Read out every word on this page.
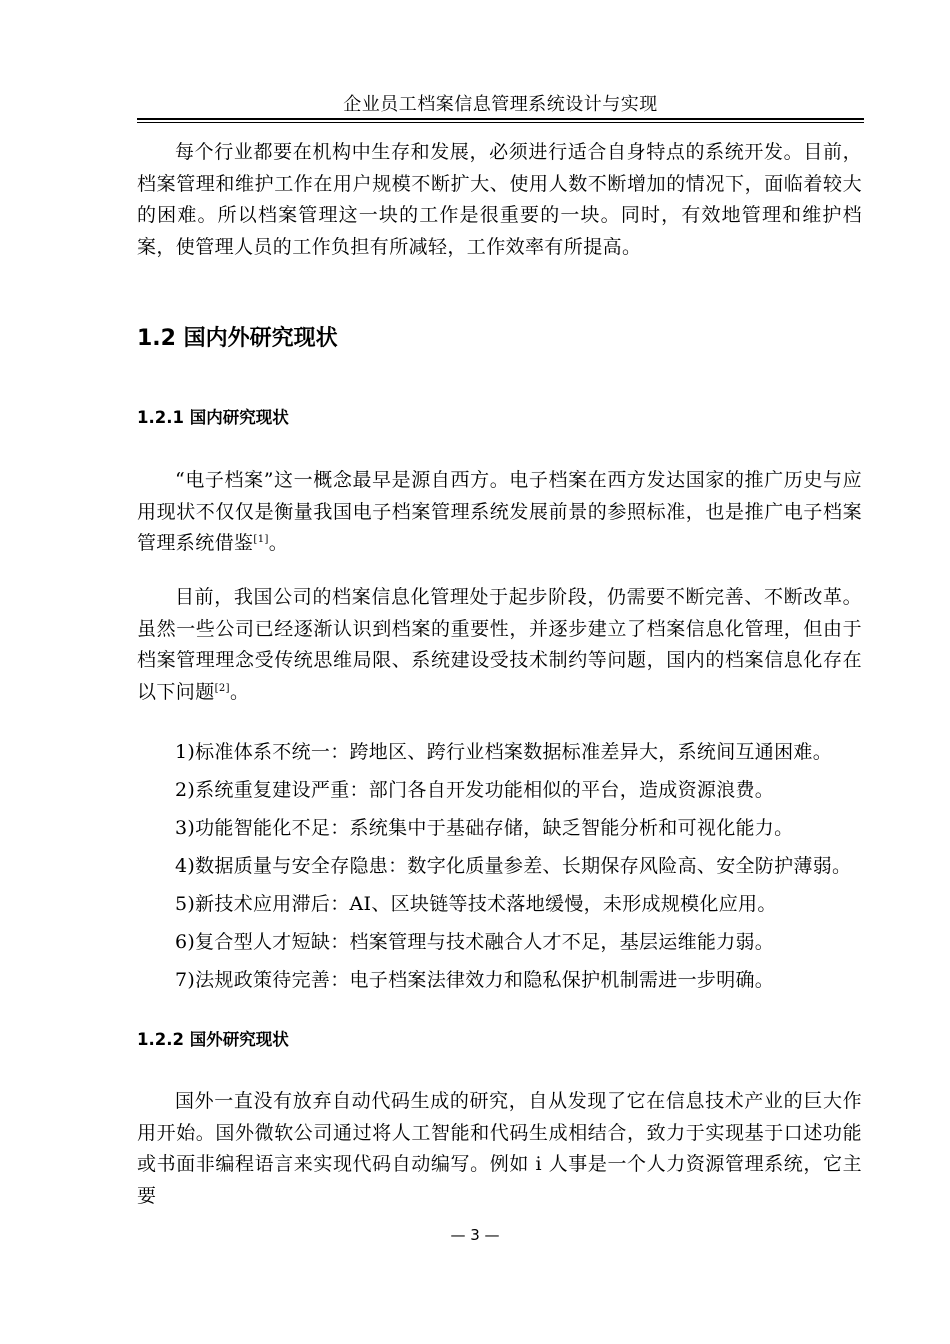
企业员工档案信息管理系统设计与实现

每个行业都要在机构中生存和发展，必须进行适合自身特点的系统开发。目前，档案管理和维护工作在用户规模不断扩大、使用人数不断增加的情况下，面临着较大的困难。所以档案管理这一块的工作是很重要的一块。同时，有效地管理和维护档案，使管理人员的工作负担有所减轻，工作效率有所提高。

1.2 国内外研究现状
1.2.1 国内研究现状

“电子档案”这一概念最早是源自西方。电子档案在西方发达国家的推广历史与应用现状不仅仅是衡量我国电子档案管理系统发展前景的参照标准，也是推广电子档案管理系统借鉴[1]。

目前，我国公司的档案信息化管理处于起步阶段，仍需要不断完善、不断改革。虽然一些公司已经逐渐认识到档案的重要性，并逐步建立了档案信息化管理，但由于档案管理理念受传统思维局限、系统建设受技术制约等问题，国内的档案信息化存在以下问题[2]。

1)标准体系不统一：跨地区、跨行业档案数据标准差异大，系统间互通困难。

2)系统重复建设严重：部门各自开发功能相似的平台，造成资源浪费。

3)功能智能化不足：系统集中于基础存储，缺乏智能分析和可视化能力。

4)数据质量与安全存隐患：数字化质量参差、长期保存风险高、安全防护薄弱。

5)新技术应用滞后：AI、区块链等技术落地缓慢，未形成规模化应用。

6)复合型人才短缺：档案管理与技术融合人才不足，基层运维能力弱。

7)法规政策待完善：电子档案法律效力和隐私保护机制需进一步明确。

1.2.2 国外研究现状

国外一直没有放弃自动代码生成的研究，自从发现了它在信息技术产业的巨大作用开始。国外微软公司通过将人工智能和代码生成相结合，致力于实现基于口述功能或书面非编程语言来实现代码自动编写。例如 i 人事是一个人力资源管理系统，它主要

— 3 —
